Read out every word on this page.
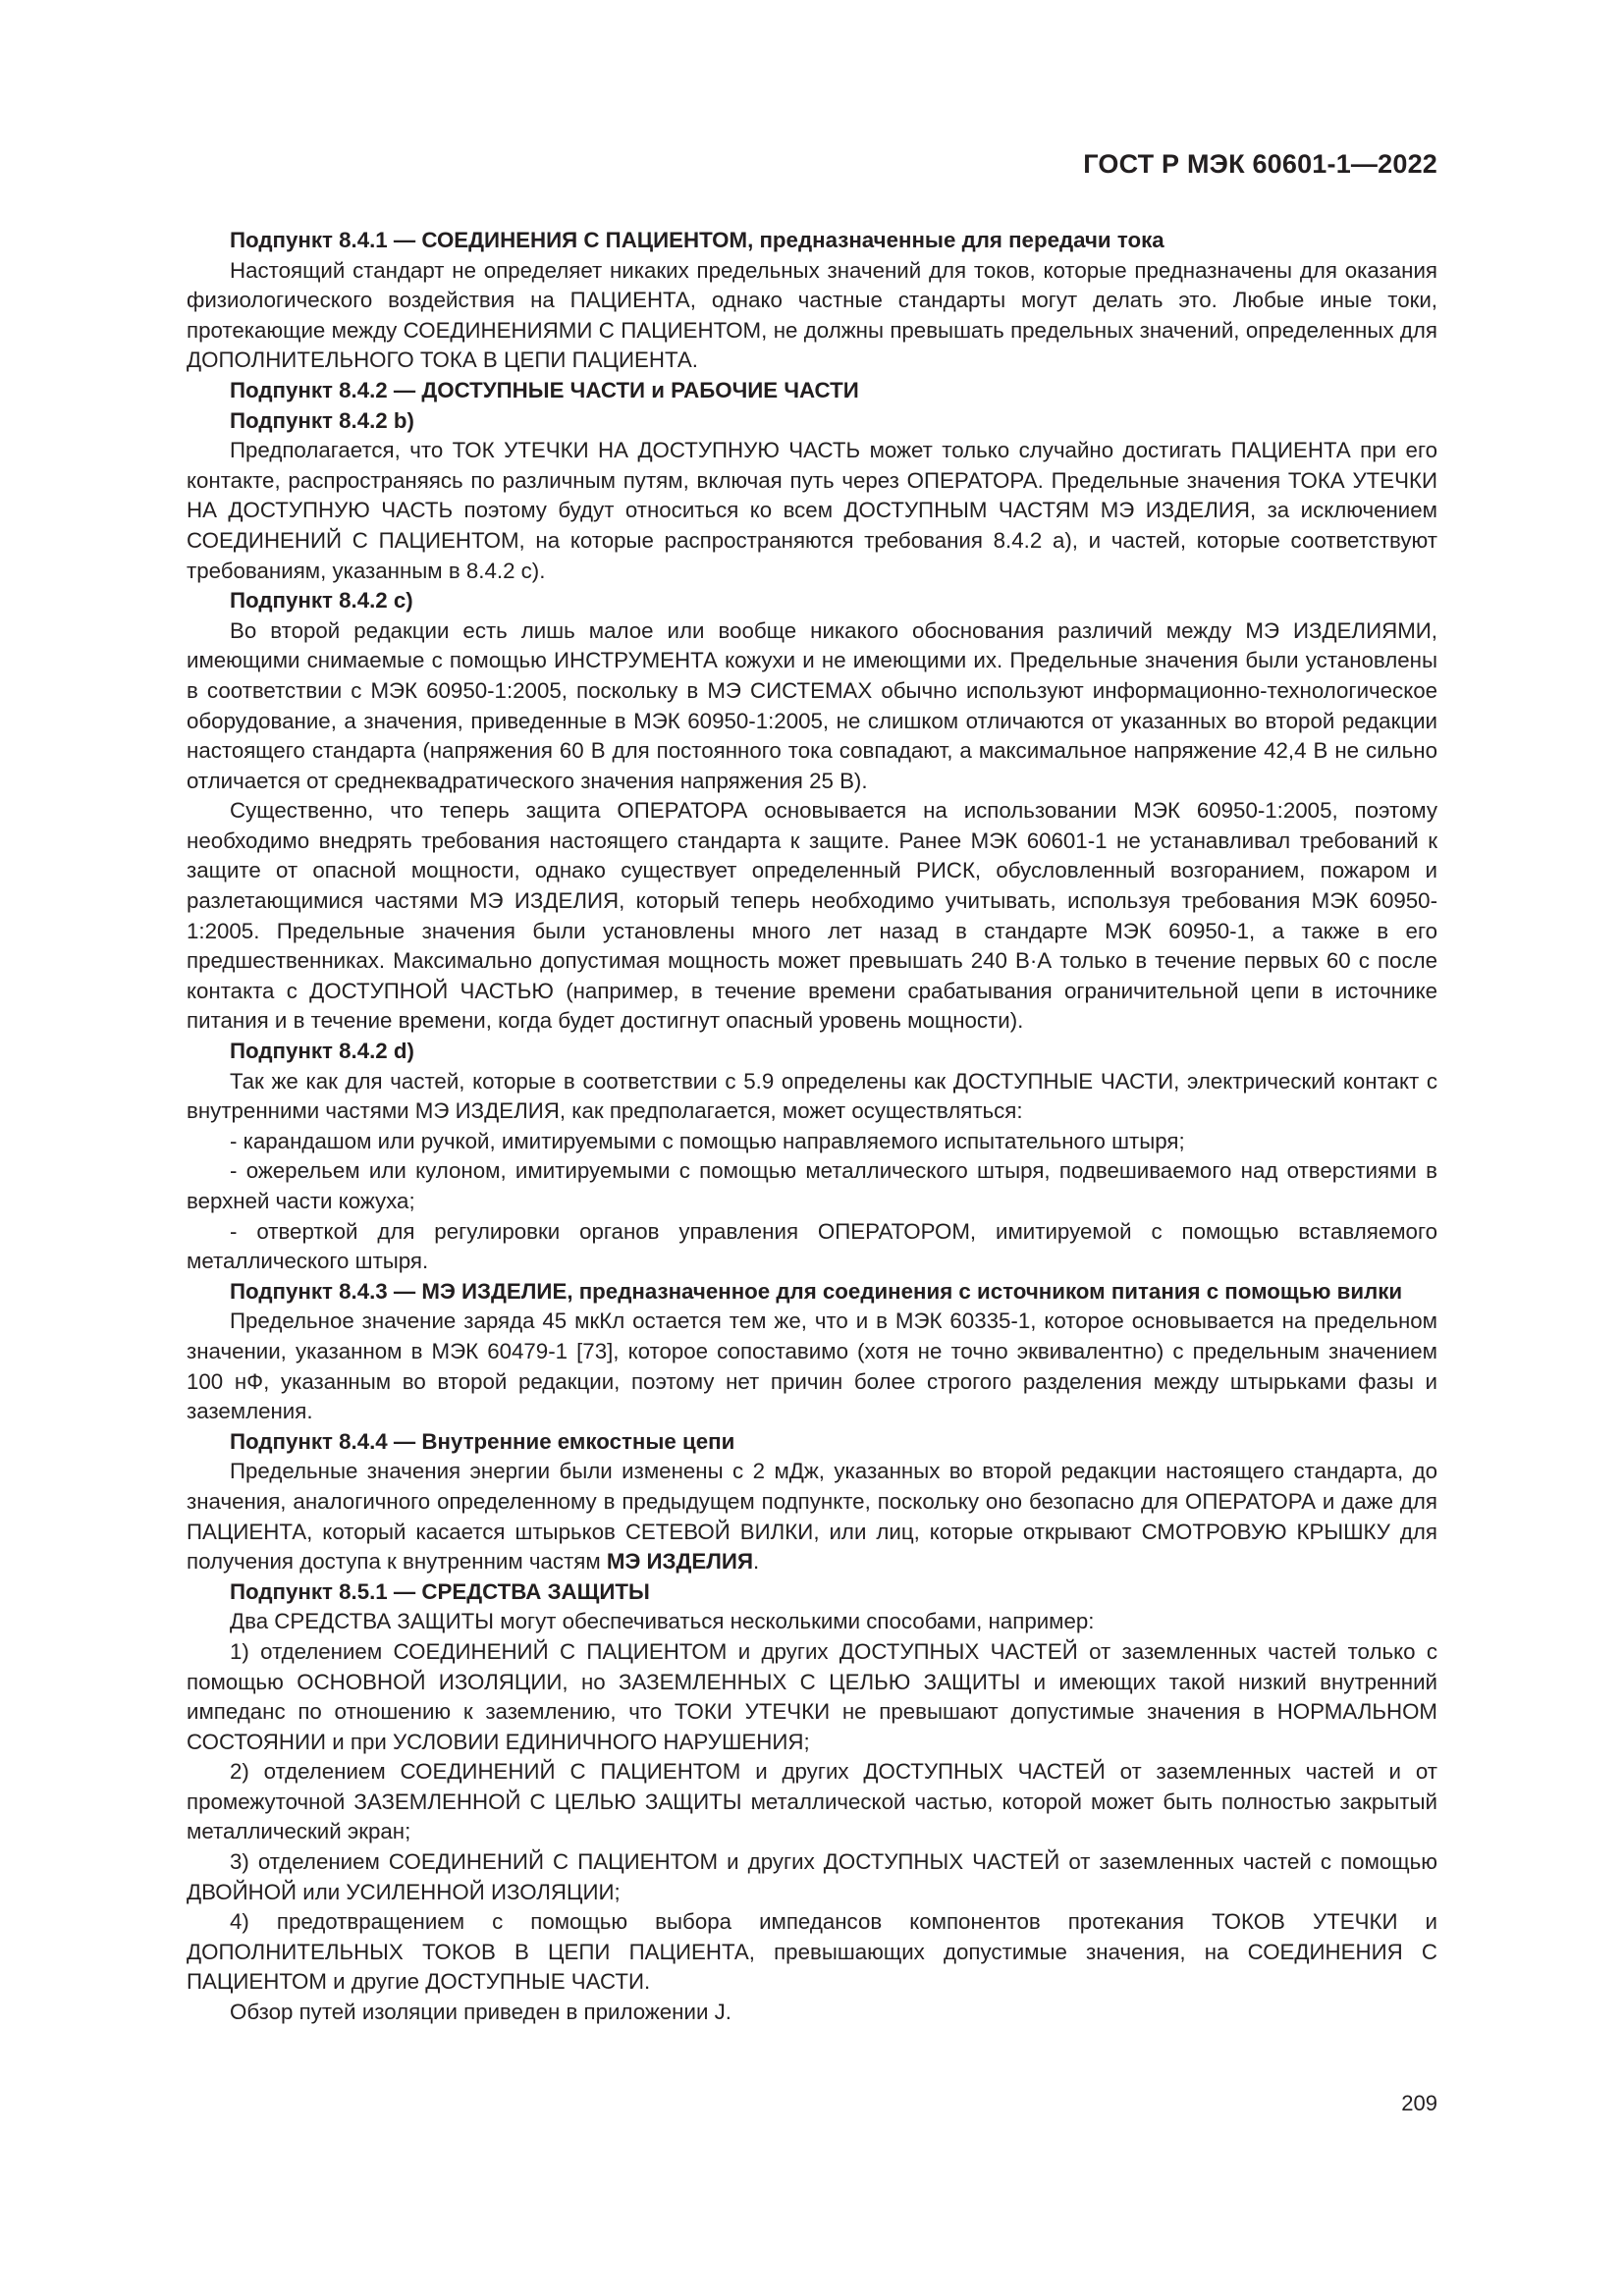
ГОСТ Р МЭК 60601-1—2022

Подпункт 8.4.1 — СОЕДИНЕНИЯ С ПАЦИЕНТОМ, предназначенные для передачи тока

Настоящий стандарт не определяет никаких предельных значений для токов, которые предназначены для оказания физиологического воздействия на ПАЦИЕНТА, однако частные стандарты могут делать это. Любые иные токи, протекающие между СОЕДИНЕНИЯМИ С ПАЦИЕНТОМ, не должны превышать предельных значений, определенных для ДОПОЛНИТЕЛЬНОГО ТОКА В ЦЕПИ ПАЦИЕНТА.

Подпункт 8.4.2 — ДОСТУПНЫЕ ЧАСТИ и РАБОЧИЕ ЧАСТИ

Подпункт 8.4.2 b)

Предполагается, что ТОК УТЕЧКИ НА ДОСТУПНУЮ ЧАСТЬ может только случайно достигать ПАЦИЕНТА при его контакте, распространяясь по различным путям, включая путь через ОПЕРАТОРА. Предельные значения ТОКА УТЕЧКИ НА ДОСТУПНУЮ ЧАСТЬ поэтому будут относиться ко всем ДОСТУПНЫМ ЧАСТЯМ МЭ ИЗДЕЛИЯ, за исключением СОЕДИНЕНИЙ С ПАЦИЕНТОМ, на которые распространяются требования 8.4.2 а), и частей, которые соответствуют требованиям, указанным в 8.4.2 с).

Подпункт 8.4.2 c)

Во второй редакции есть лишь малое или вообще никакого обоснования различий между МЭ ИЗДЕЛИЯМИ, имеющими снимаемые с помощью ИНСТРУМЕНТА кожухи и не имеющими их. Предельные значения были установлены в соответствии с МЭК 60950-1:2005, поскольку в МЭ СИСТЕМАХ обычно используют информационно-технологическое оборудование, а значения, приведенные в МЭК 60950-1:2005, не слишком отличаются от указанных во второй редакции настоящего стандарта (напряжения 60 В для постоянного тока совпадают, а максимальное напряжение 42,4 В не сильно отличается от среднеквадратического значения напряжения 25 В).

Существенно, что теперь защита ОПЕРАТОРА основывается на использовании МЭК 60950-1:2005, поэтому необходимо внедрять требования настоящего стандарта к защите. Ранее МЭК 60601-1 не устанавливал требований к защите от опасной мощности, однако существует определенный РИСК, обусловленный возгоранием, пожаром и разлетающимися частями МЭ ИЗДЕЛИЯ, который теперь необходимо учитывать, используя требования МЭК 60950-1:2005. Предельные значения были установлены много лет назад в стандарте МЭК 60950-1, а также в его предшественниках. Максимально допустимая мощность может превышать 240 В·А только в течение первых 60 с после контакта с ДОСТУПНОЙ ЧАСТЬЮ (например, в течение времени срабатывания ограничительной цепи в источнике питания и в течение времени, когда будет достигнут опасный уровень мощности).

Подпункт 8.4.2 d)

Так же как для частей, которые в соответствии с 5.9 определены как ДОСТУПНЫЕ ЧАСТИ, электрический контакт с внутренними частями МЭ ИЗДЕЛИЯ, как предполагается, может осуществляться:

- карандашом или ручкой, имитируемыми с помощью направляемого испытательного штыря;

- ожерельем или кулоном, имитируемыми с помощью металлического штыря, подвешиваемого над отверстиями в верхней части кожуха;

- отверткой для регулировки органов управления ОПЕРАТОРОМ, имитируемой с помощью вставляемого металлического штыря.

Подпункт 8.4.3 — МЭ ИЗДЕЛИЕ, предназначенное для соединения с источником питания с помощью вилки

Предельное значение заряда 45 мкКл остается тем же, что и в МЭК 60335-1, которое основывается на предельном значении, указанном в МЭК 60479-1 [73], которое сопоставимо (хотя не точно эквивалентно) с предельным значением 100 нФ, указанным во второй редакции, поэтому нет причин более строгого разделения между штырьками фазы и заземления.

Подпункт 8.4.4 — Внутренние емкостные цепи

Предельные значения энергии были изменены с 2 мДж, указанных во второй редакции настоящего стандарта, до значения, аналогичного определенному в предыдущем подпункте, поскольку оно безопасно для ОПЕРАТОРА и даже для ПАЦИЕНТА, который касается штырьков СЕТЕВОЙ ВИЛКИ, или лиц, которые открывают СМОТРОВУЮ КРЫШКУ для получения доступа к внутренним частям МЭ ИЗДЕЛИЯ.

Подпункт 8.5.1 — СРЕДСТВА ЗАЩИТЫ

Два СРЕДСТВА ЗАЩИТЫ могут обеспечиваться несколькими способами, например:

1) отделением СОЕДИНЕНИЙ С ПАЦИЕНТОМ и других ДОСТУПНЫХ ЧАСТЕЙ от заземленных частей только с помощью ОСНОВНОЙ ИЗОЛЯЦИИ, но ЗАЗЕМЛЕННЫХ С ЦЕЛЬЮ ЗАЩИТЫ и имеющих такой низкий внутренний импеданс по отношению к заземлению, что ТОКИ УТЕЧКИ не превышают допустимые значения в НОРМАЛЬНОМ СОСТОЯНИИ и при УСЛОВИИ ЕДИНИЧНОГО НАРУШЕНИЯ;

2) отделением СОЕДИНЕНИЙ С ПАЦИЕНТОМ и других ДОСТУПНЫХ ЧАСТЕЙ от заземленных частей и от промежуточной ЗАЗЕМЛЕННОЙ С ЦЕЛЬЮ ЗАЩИТЫ металлической частью, которой может быть полностью закрытый металлический экран;

3) отделением СОЕДИНЕНИЙ С ПАЦИЕНТОМ и других ДОСТУПНЫХ ЧАСТЕЙ от заземленных частей с помощью ДВОЙНОЙ или УСИЛЕННОЙ ИЗОЛЯЦИИ;

4) предотвращением с помощью выбора импедансов компонентов протекания ТОКОВ УТЕЧКИ и ДОПОЛНИТЕЛЬНЫХ ТОКОВ В ЦЕПИ ПАЦИЕНТА, превышающих допустимые значения, на СОЕДИНЕНИЯ С ПАЦИЕНТОМ и другие ДОСТУПНЫЕ ЧАСТИ.

Обзор путей изоляции приведен в приложении J.

209
